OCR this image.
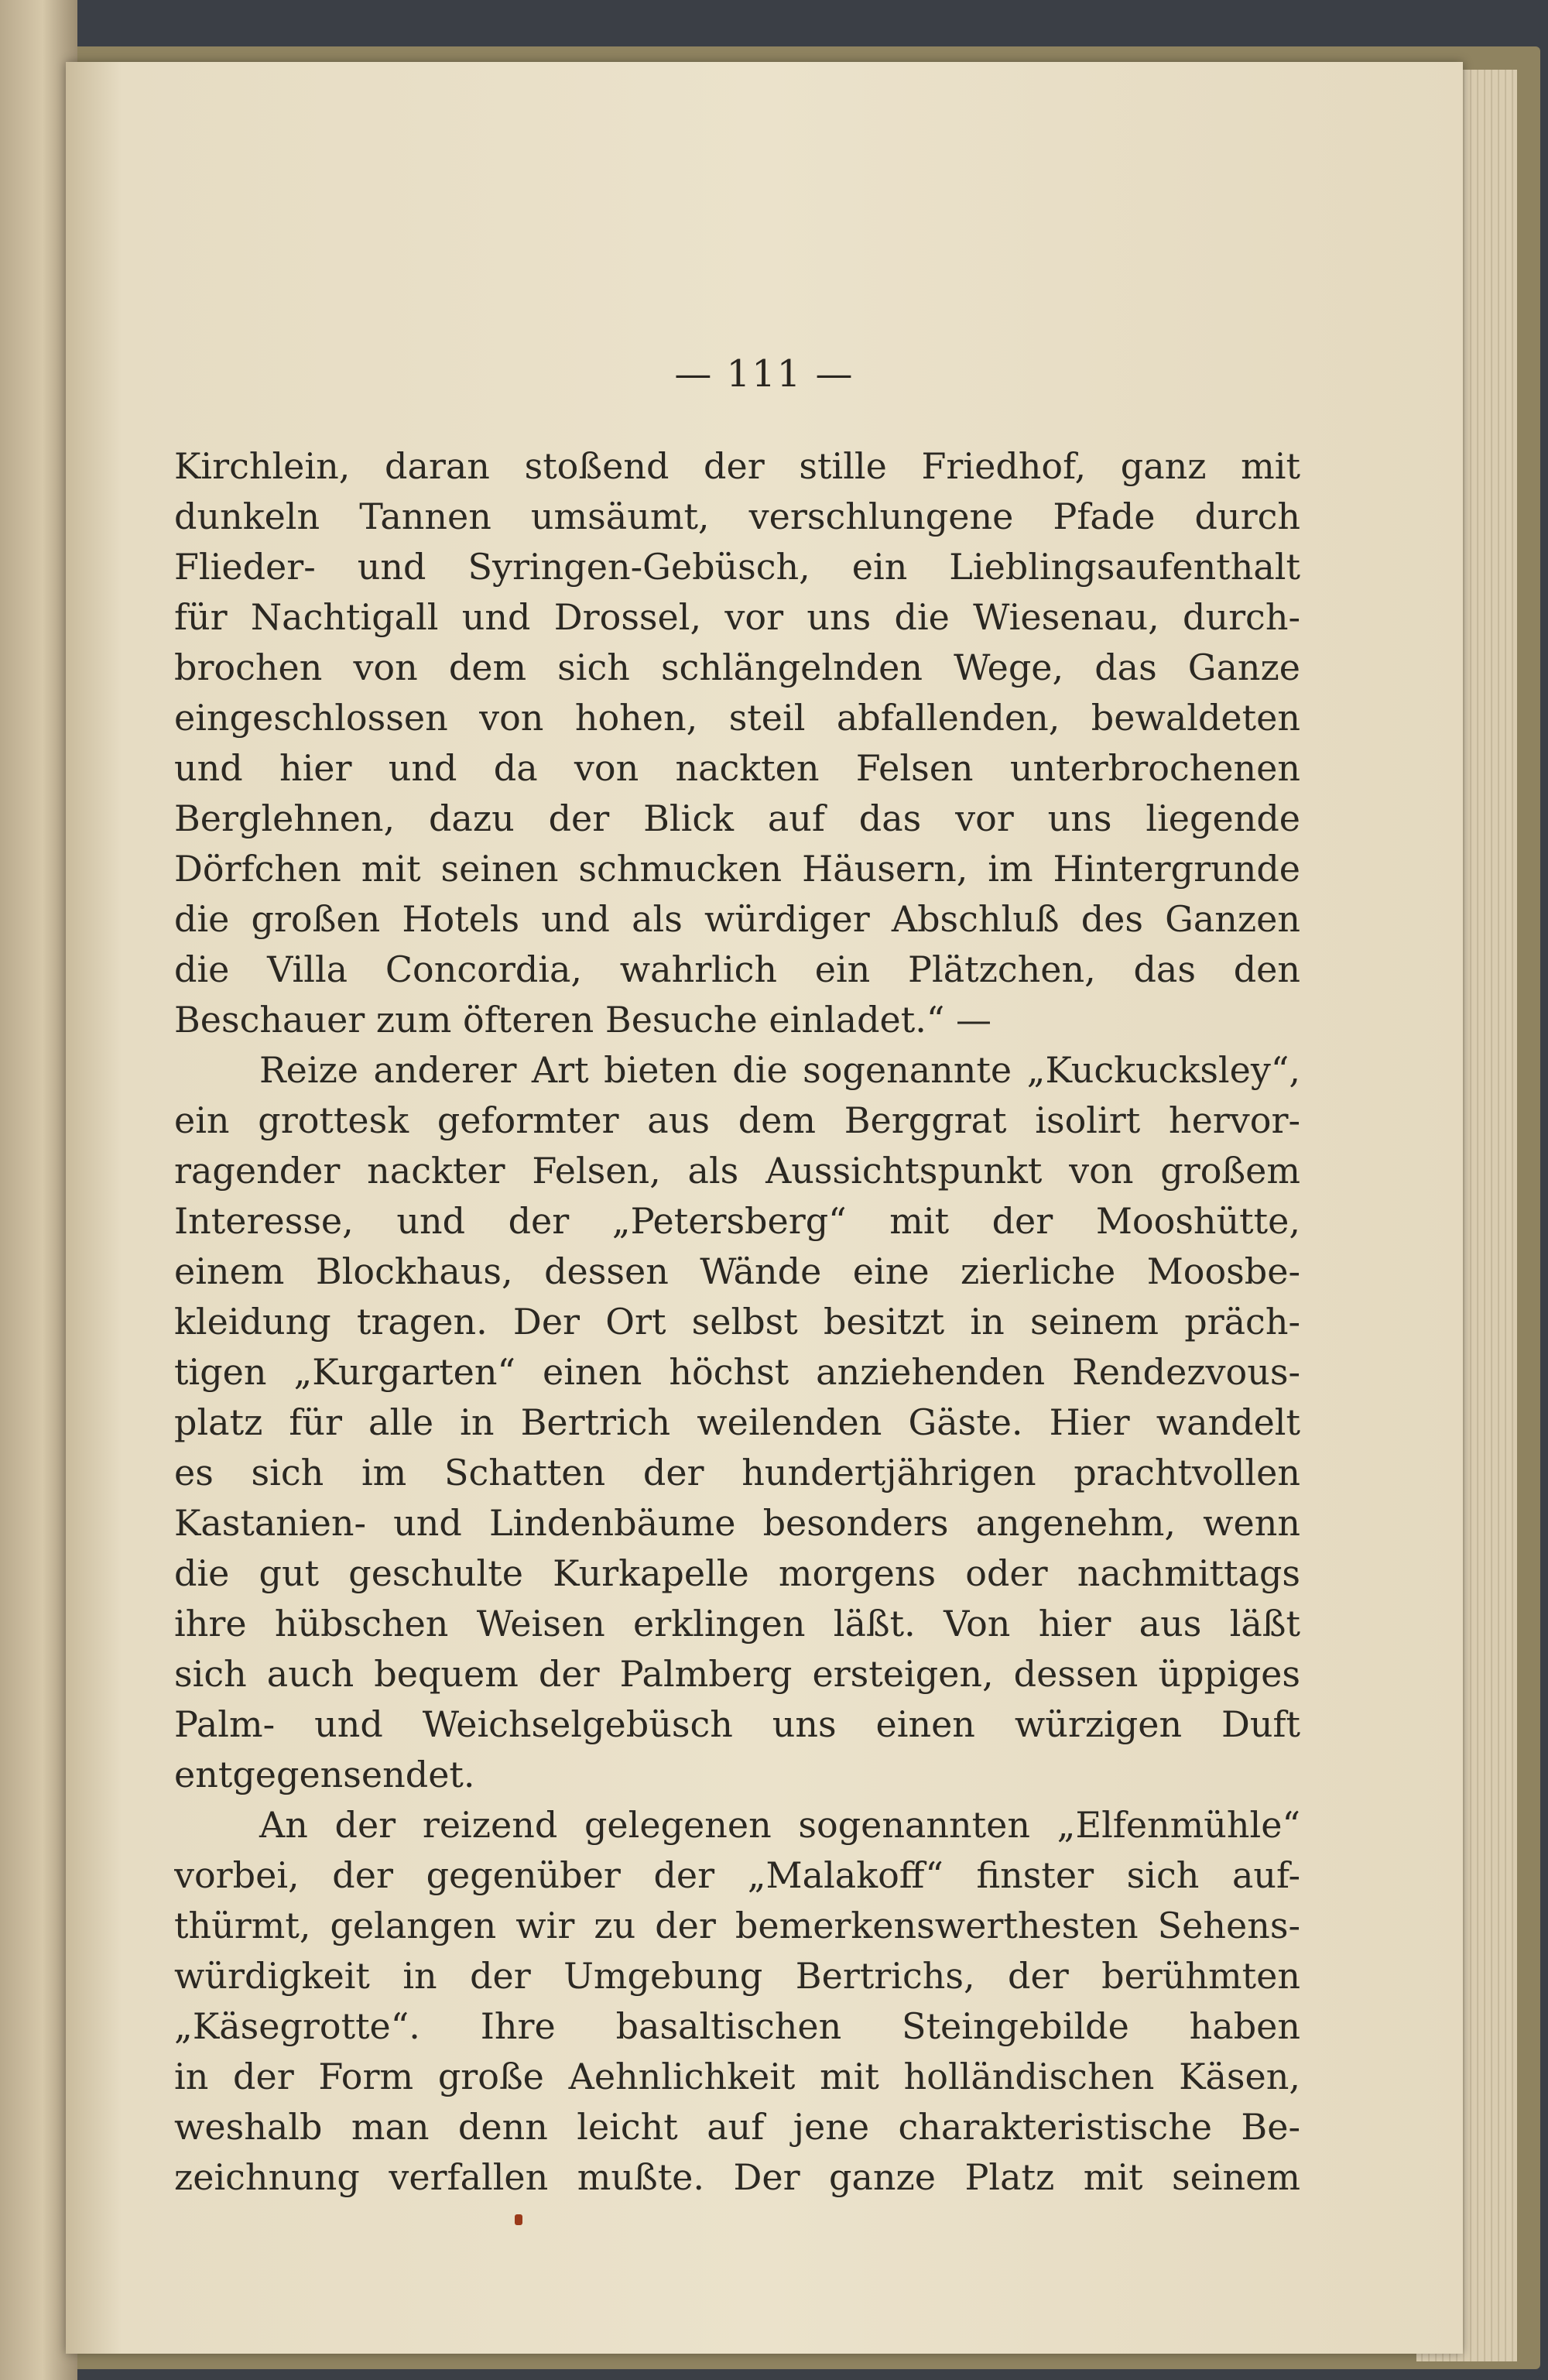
— 111 —
Kirchlein, daran stoßend der stille Friedhof, ganz mit
dunkeln Tannen umsäumt, verschlungene Pfade durch
Flieder- und Syringen-Gebüsch, ein Lieblingsaufenthalt
für Nachtigall und Drossel, vor uns die Wiesenau, durch-
brochen von dem sich schlängelnden Wege, das Ganze
eingeschlossen von hohen, steil abfallenden, bewaldeten
und hier und da von nackten Felsen unterbrochenen
Berglehnen, dazu der Blick auf das vor uns liegende
Dörfchen mit seinen schmucken Häusern, im Hintergrunde
die großen Hotels und als würdiger Abschluß des Ganzen
die Villa Concordia, wahrlich ein Plätzchen, das den
Beschauer zum öfteren Besuche einladet.“ —
Reize anderer Art bieten die sogenannte „Kuckucksley“,
ein grottesk geformter aus dem Berggrat isolirt hervor-
ragender nackter Felsen, als Aussichtspunkt von großem
Interesse, und der „Petersberg“ mit der Mooshütte,
einem Blockhaus, dessen Wände eine zierliche Moosbe-
kleidung tragen. Der Ort selbst besitzt in seinem präch-
tigen „Kurgarten“ einen höchst anziehenden Rendezvous-
platz für alle in Bertrich weilenden Gäste. Hier wandelt
es sich im Schatten der hundertjährigen prachtvollen
Kastanien- und Lindenbäume besonders angenehm, wenn
die gut geschulte Kurkapelle morgens oder nachmittags
ihre hübschen Weisen erklingen läßt. Von hier aus läßt
sich auch bequem der Palmberg ersteigen, dessen üppiges
Palm- und Weichselgebüsch uns einen würzigen Duft
entgegensendet.
An der reizend gelegenen sogenannten „Elfenmühle“
vorbei, der gegenüber der „Malakoff“ finster sich auf-
thürmt, gelangen wir zu der bemerkenswerthesten Sehens-
würdigkeit in der Umgebung Bertrichs, der berühmten
„Käsegrotte“. Ihre basaltischen Steingebilde haben
in der Form große Aehnlichkeit mit holländischen Käsen,
weshalb man denn leicht auf jene charakteristische Be-
zeichnung verfallen mußte. Der ganze Platz mit seinem
